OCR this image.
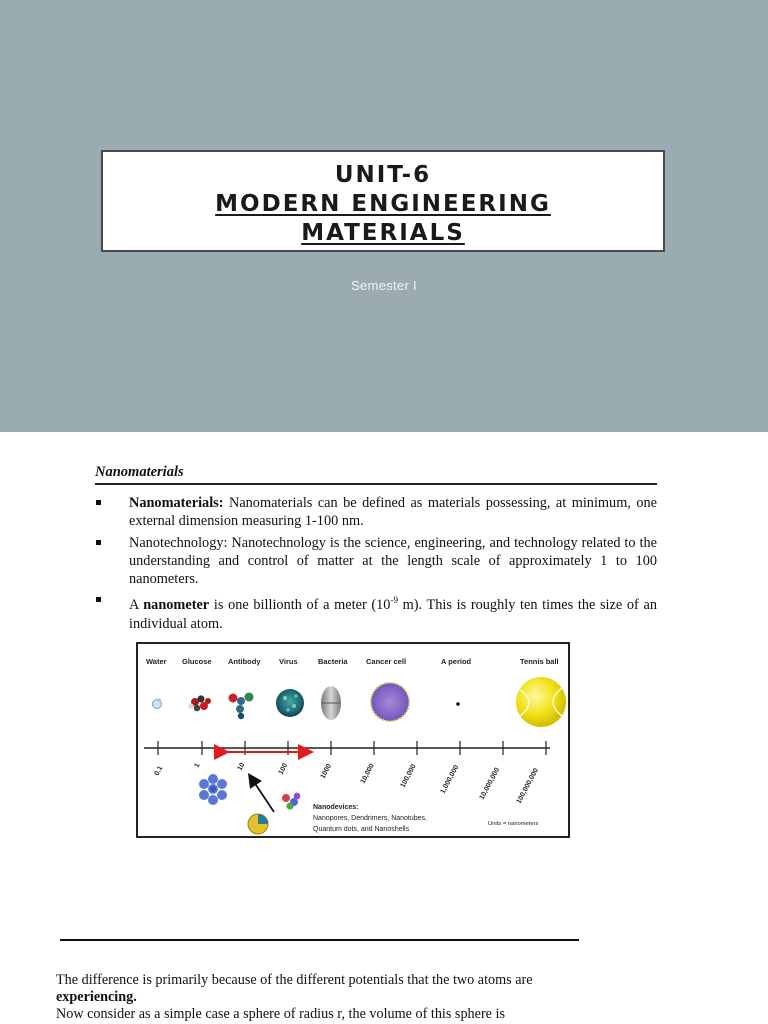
UNIT-6
MODERN ENGINEERING
MATERIALS
Semester I
Nanomaterials
Nanomaterials: Nanomaterials can be defined as materials possessing, at minimum, one external dimension measuring 1-100 nm.
Nanotechnology: Nanotechnology is the science, engineering, and technology related to the understanding and control of matter at the length scale of approximately 1 to 100 nanometers.
A nanometer is one billionth of a meter ($10^{-9}$ m). This is roughly ten times the size of an individual atom.
Water Glucose Antibody Virus	Bacteria Cancer cell	A period	Tennis ball
0.1	1	10	100	1000	10,000	100,000	1,000,000	10,000,000 100,000,000
Nanodevices:
Nanopores, Dendrimers, Nanotubes,
Quantum dots, and Nanoshells
Units = nanometers

The difference is primarily because of the different potentials that the two atoms are

experiencing.

Now consider as a simple case a sphere of radius r, the volume of this sphere is
